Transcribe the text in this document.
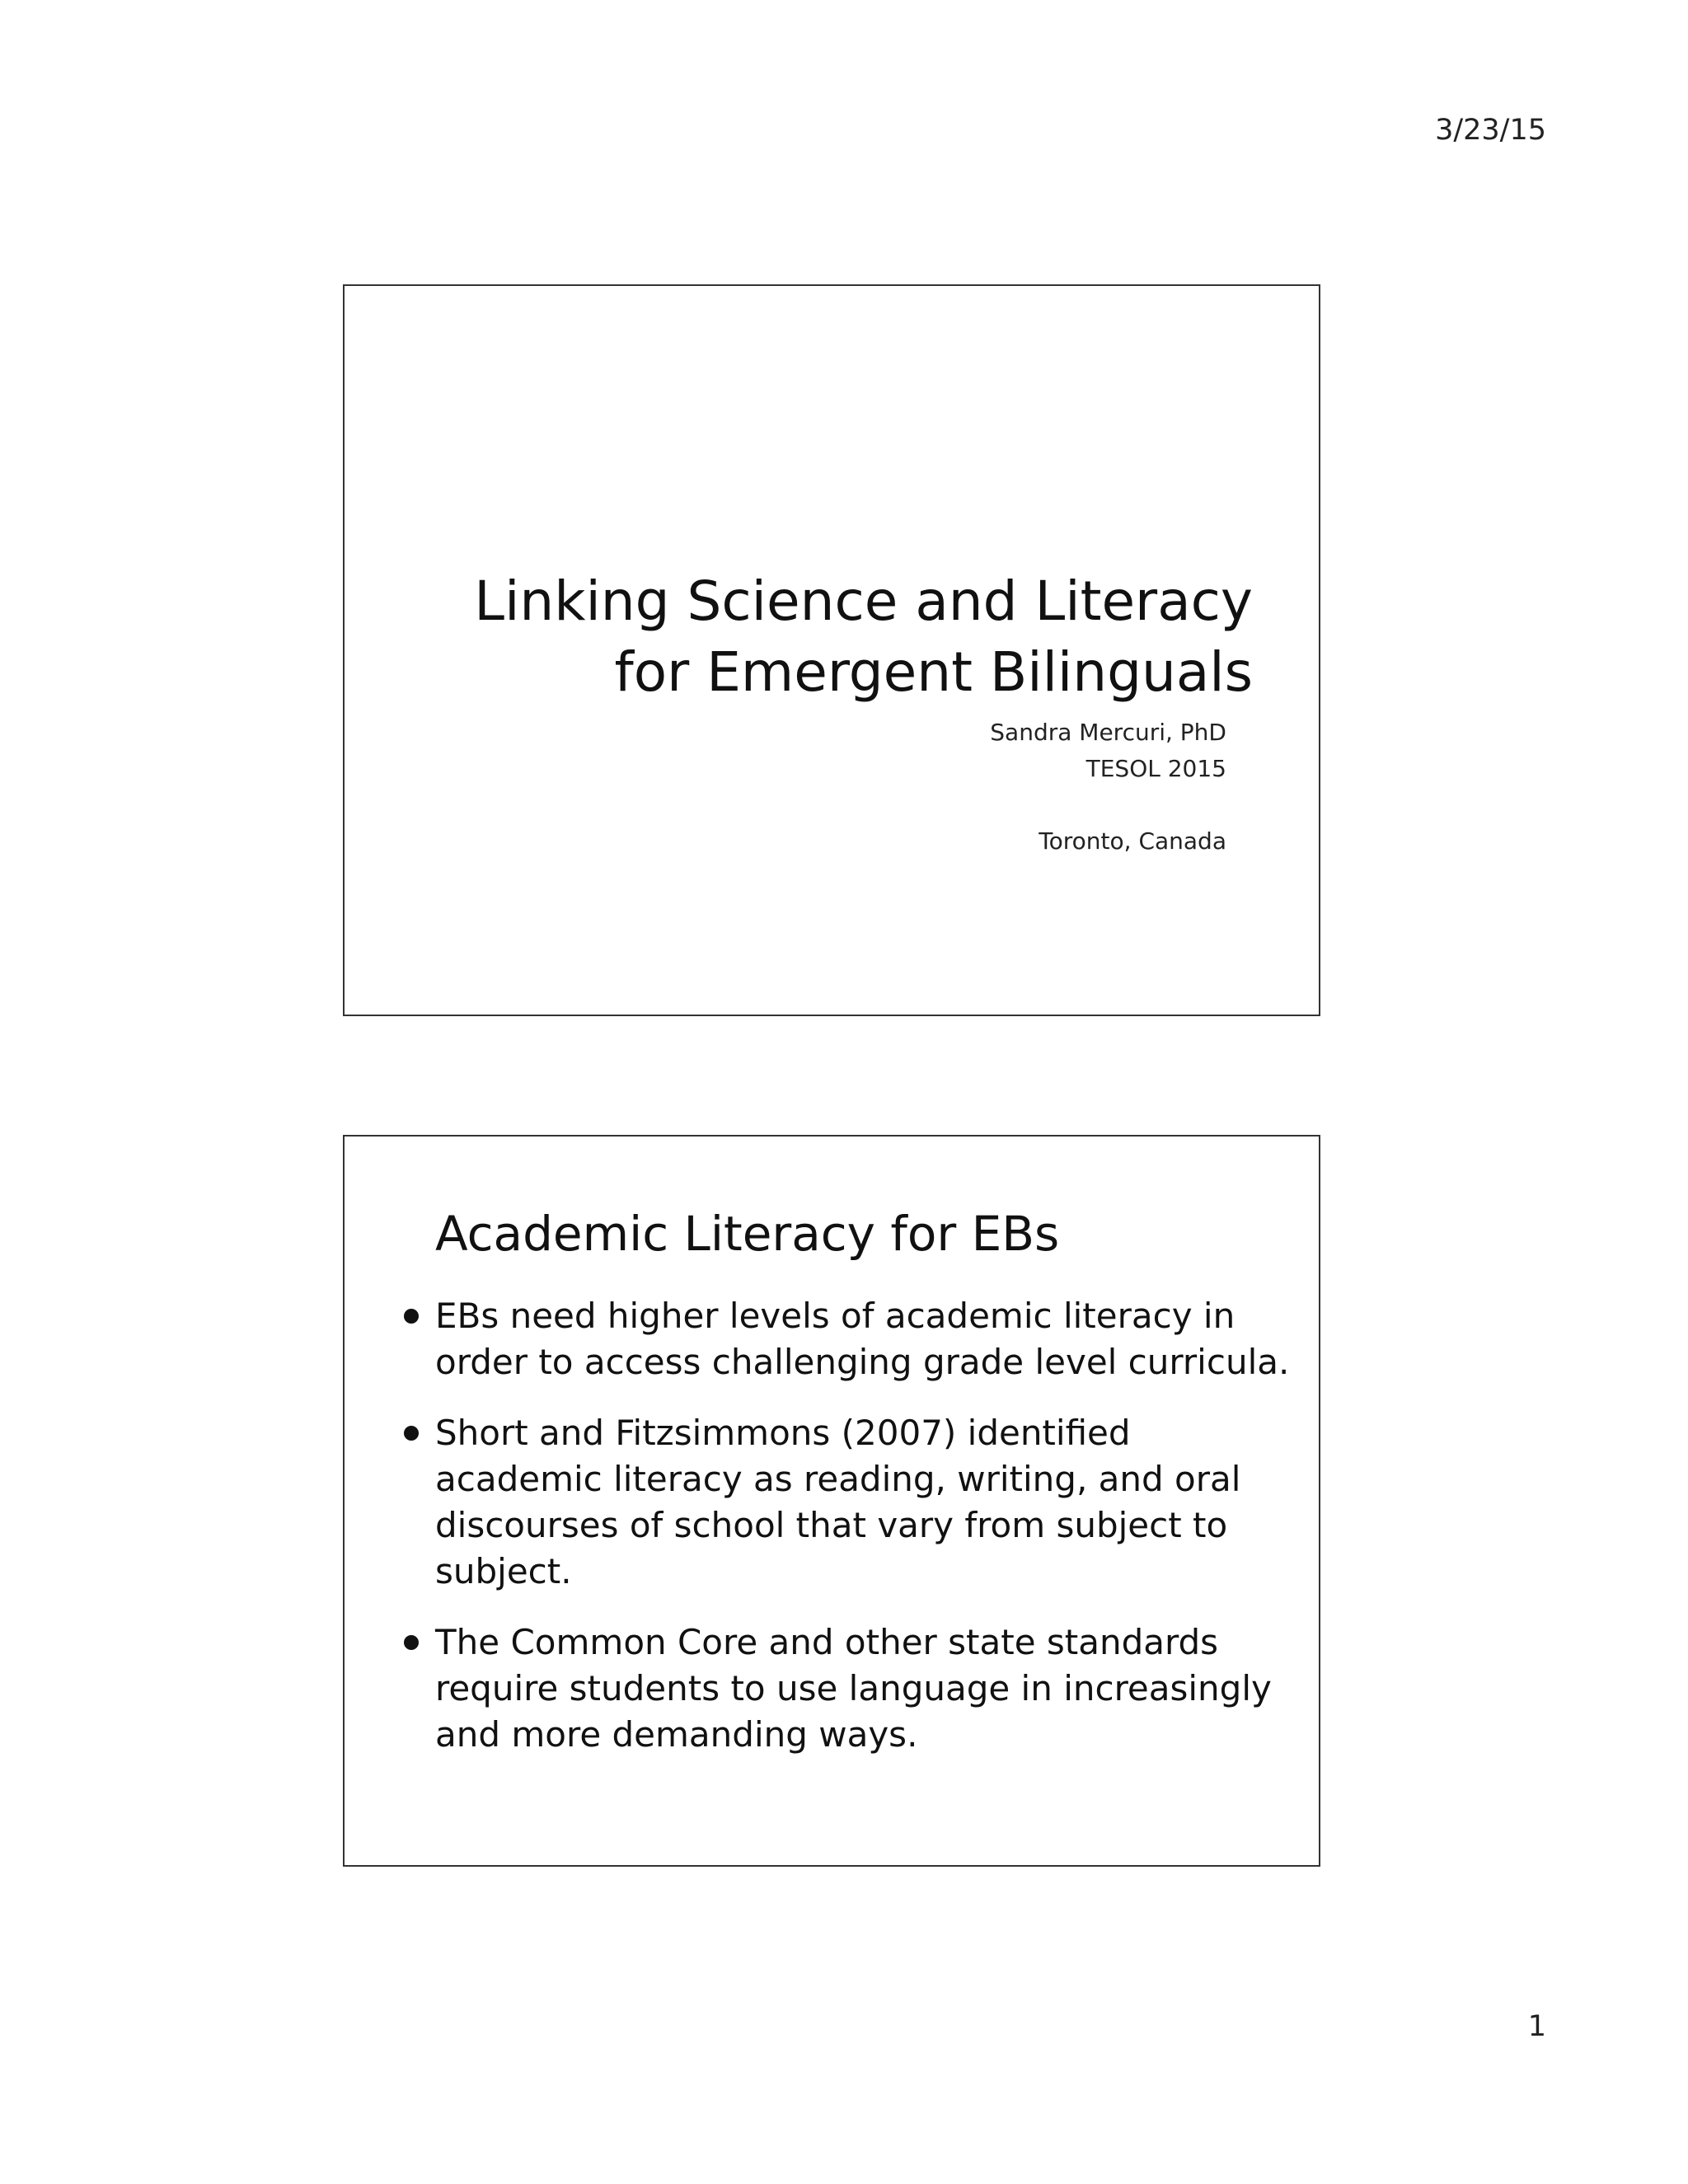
3/23/15
Linking Science and Literacy
for Emergent Bilinguals
Sandra Mercuri, PhD
TESOL 2015
Toronto, Canada
Academic Literacy for EBs
EBs need higher levels of academic literacy in
order to access challenging grade level curricula.
Short and Fitzsimmons (2007) identified
academic literacy as reading, writing, and oral
discourses of school that vary from subject to
subject.
The Common Core and other state standards
require students to use language in increasingly
and more demanding ways.
1
